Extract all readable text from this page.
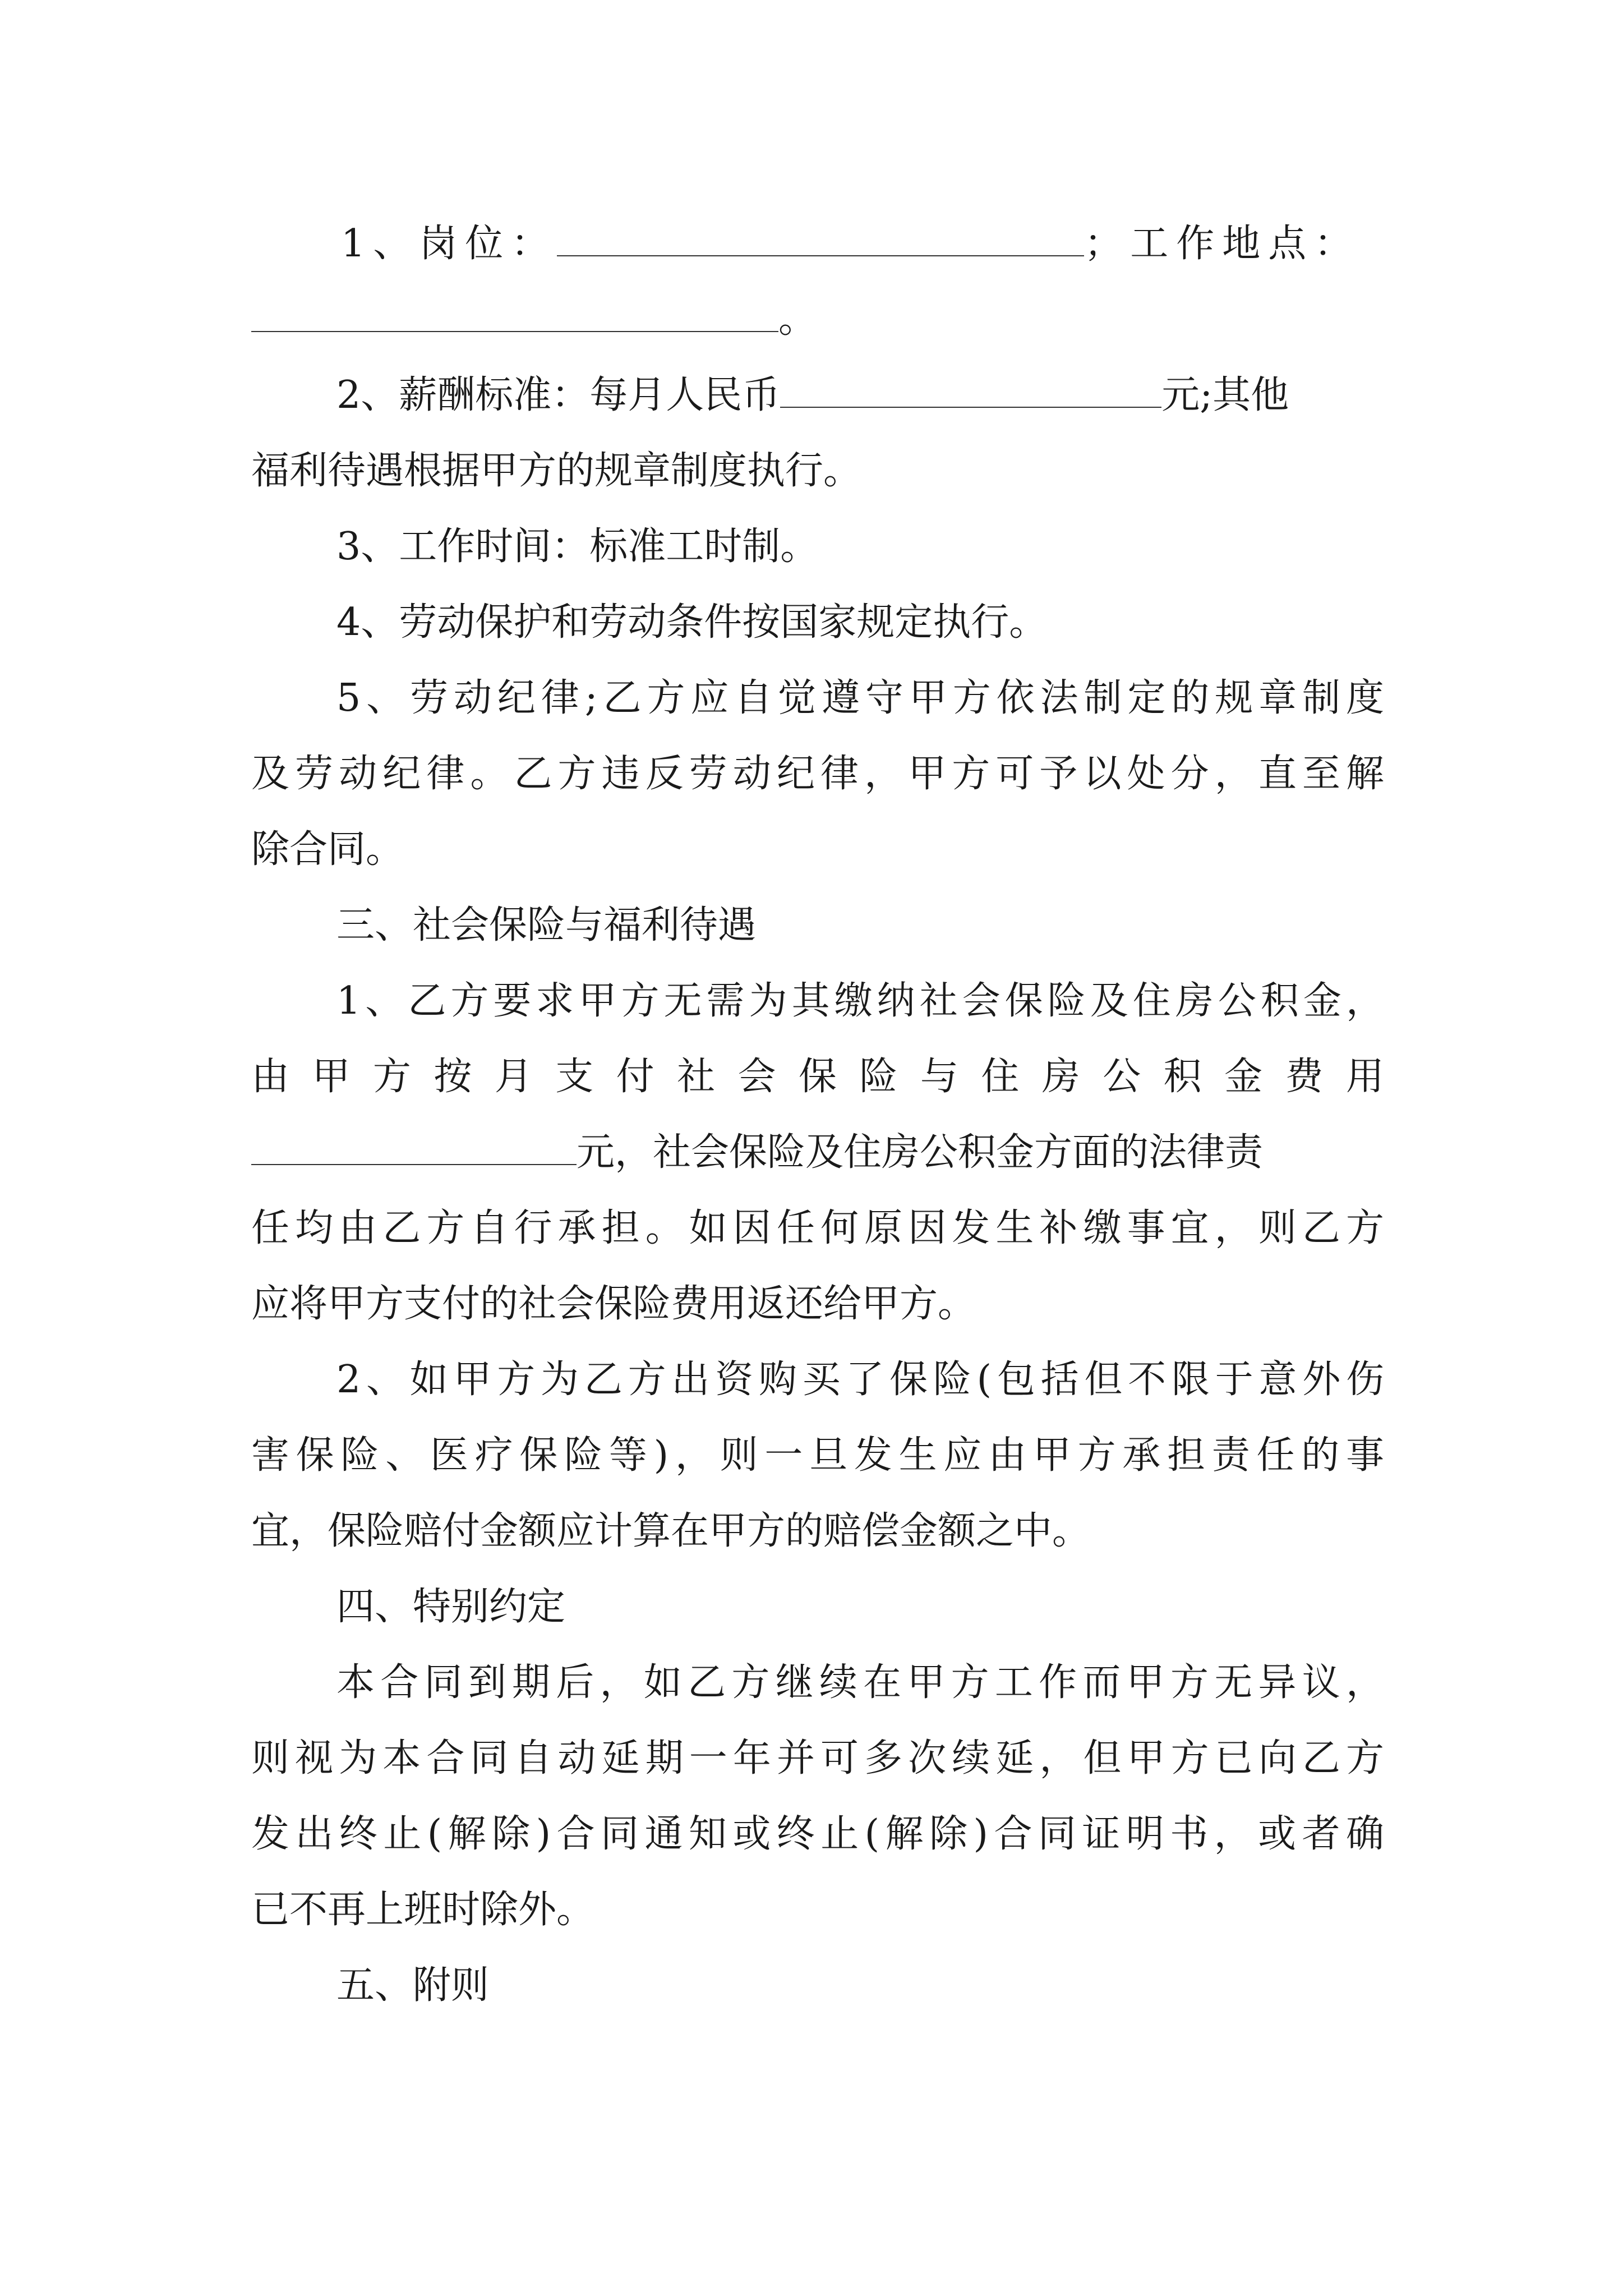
1、岗位：	；工作地点：
。
2、薪酬标准：每月人民币	元;其他
福利待遇根据甲方的规章制度执行。
3、工作时间：标准工时制。
4、劳动保护和劳动条件按国家规定执行。
5、劳动纪律;乙方应自觉遵守甲方依法制定的规章制度
及劳动纪律。乙方违反劳动纪律，甲方可予以处分，直至解
除合同。
三、社会保险与福利待遇
1、乙方要求甲方无需为其缴纳社会保险及住房公积金，
由甲方按月支付社会保险与住房公积金费用
元，社会保险及住房公积金方面的法律责
任均由乙方自行承担。如因任何原因发生补缴事宜，则乙方
应将甲方支付的社会保险费用返还给甲方。
2、如甲方为乙方出资购买了保险(包括但不限于意外伤
害保险、医疗保险等)，则一旦发生应由甲方承担责任的事
宜，保险赔付金额应计算在甲方的赔偿金额之中。
四、特别约定
本合同到期后，如乙方继续在甲方工作而甲方无异议，
则视为本合同自动延期一年并可多次续延，但甲方已向乙方
发出终止(解除)合同通知或终止(解除)合同证明书，或者确
已不再上班时除外。
五、附则
